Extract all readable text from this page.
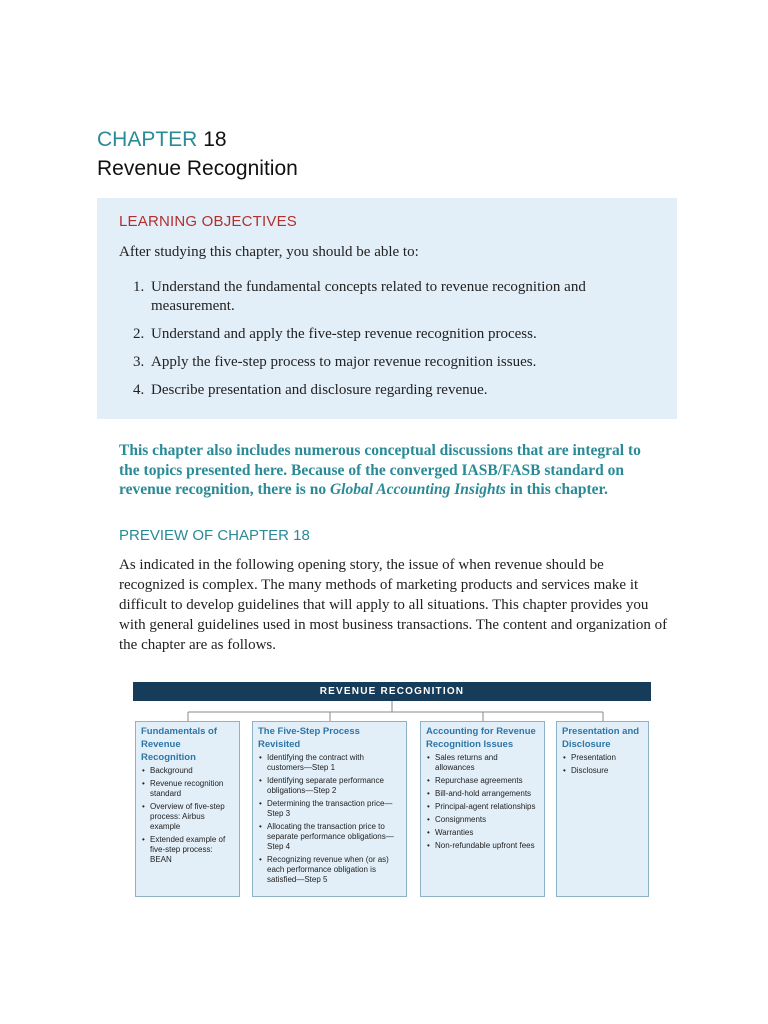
CHAPTER 18
Revenue Recognition
LEARNING OBJECTIVES
After studying this chapter, you should be able to:
1. Understand the fundamental concepts related to revenue recognition and measurement.
2. Understand and apply the five-step revenue recognition process.
3. Apply the five-step process to major revenue recognition issues.
4. Describe presentation and disclosure regarding revenue.
This chapter also includes numerous conceptual discussions that are integral to the topics presented here. Because of the converged IASB/FASB standard on revenue recognition, there is no Global Accounting Insights in this chapter.
PREVIEW OF CHAPTER 18
As indicated in the following opening story, the issue of when revenue should be recognized is complex. The many methods of marketing products and services make it difficult to develop guidelines that will apply to all situations. This chapter provides you with general guidelines used in most business transactions. The content and organization of the chapter are as follows.
REVENUE RECOGNITION
Fundamentals of Revenue Recognition
• Background
• Revenue recognition standard
• Overview of five-step process: Airbus example
• Extended example of five-step process: BEAN
The Five-Step Process Revisited
• Identifying the contract with customers—Step 1
• Identifying separate performance obligations—Step 2
• Determining the transaction price—Step 3
• Allocating the transaction price to separate performance obligations—Step 4
• Recognizing revenue when (or as) each performance obligation is satisfied—Step 5
Accounting for Revenue Recognition Issues
• Sales returns and allowances
• Repurchase agreements
• Bill-and-hold arrangements
• Principal-agent relationships
• Consignments
• Warranties
• Non-refundable upfront fees
Presentation and Disclosure
• Presentation
• Disclosure
